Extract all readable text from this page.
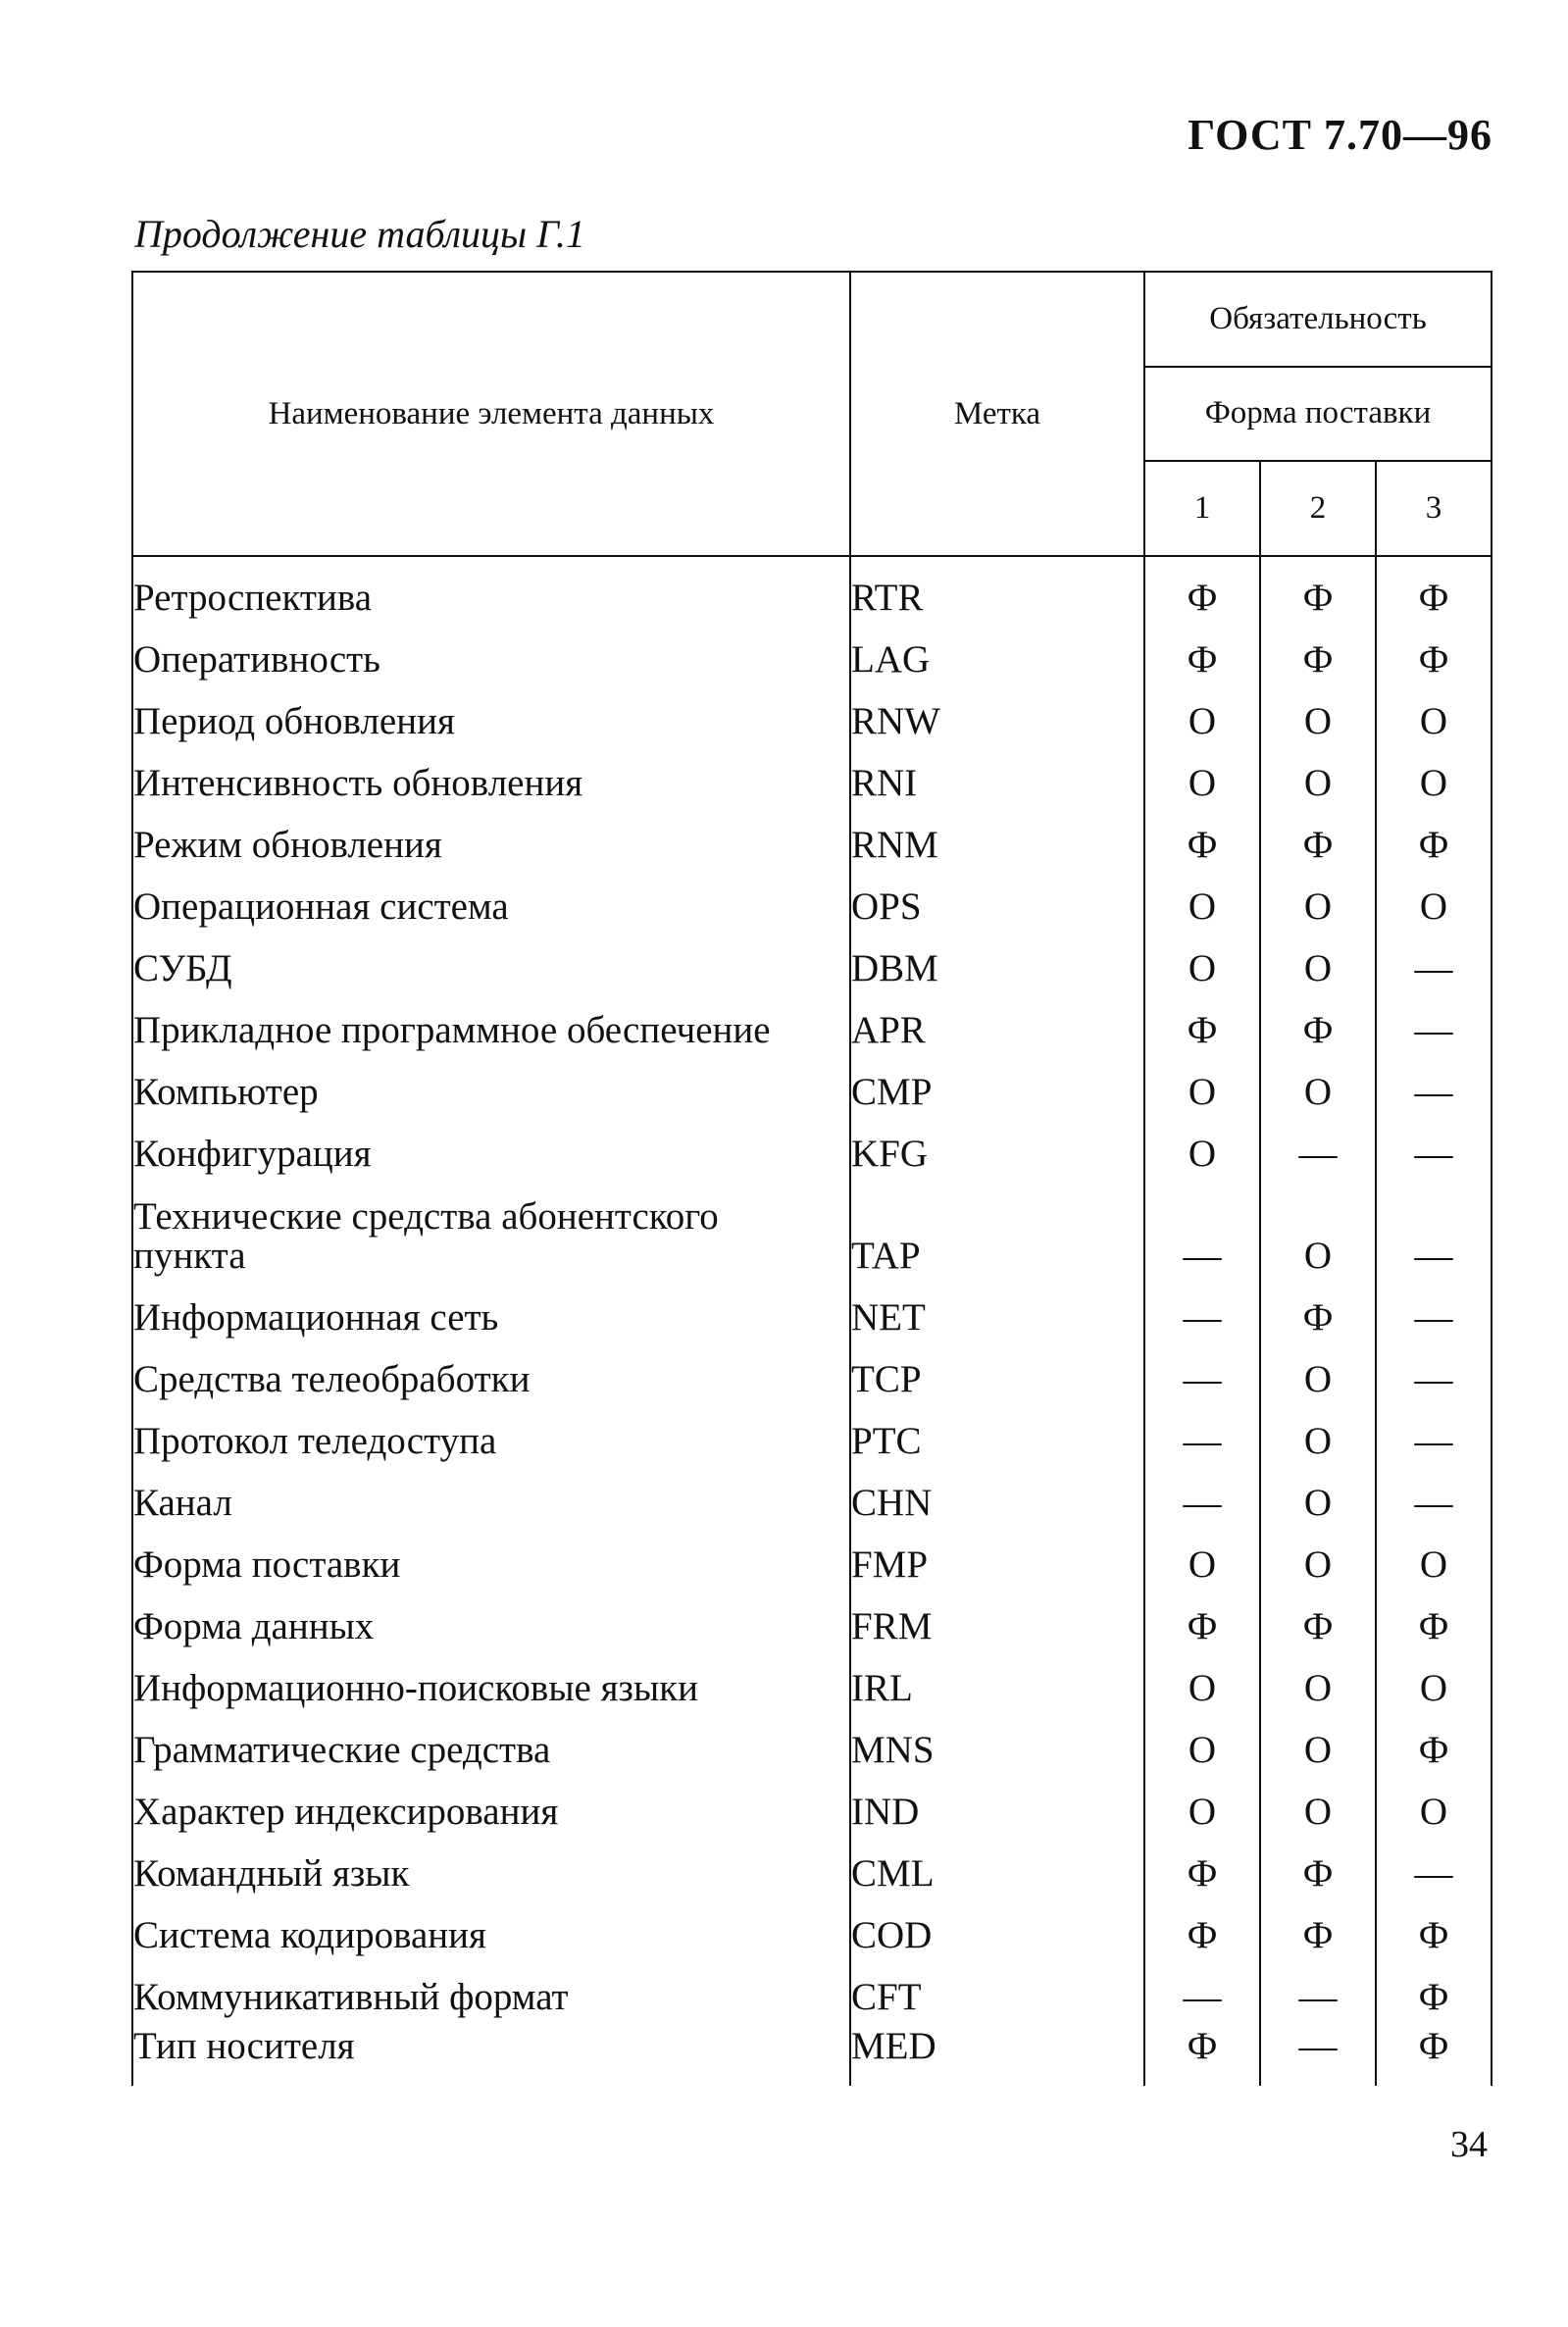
ГОСТ 7.70—96
Продолжение таблицы Г.1
Наименование элемента данных	Метка	Обязательность		
		Форма поставки		
		1	2	3
Ретроспектива	RTR	Ф	Ф	Ф
Оперативность	LAG	Ф	Ф	Ф
Период обновления	RNW	О	О	О
Интенсивность обновления	RNI	О	О	О
Режим обновления	RNM	Ф	Ф	Ф
Операционная система	OPS	О	О	О
СУБД	DBM	О	О	—
Прикладное программное обеспечение	APR	Ф	Ф	—
Компьютер	CMP	О	О	—
Конфигурация	KFG	О	—	—

Технические средства абонентского
пункта	TAP	—	О	—
Информационная сеть	NET	—	Ф	—
Средства телеобработки	TCP	—	О	—
Протокол теледоступа	PTC	—	О	—
Канал	CHN	—	О	—
Форма поставки	FMP	О	О	О
Форма данных	FRM	Ф	Ф	Ф
Информационно-поисковые языки	IRL	О	О	О
Грамматические средства	MNS	О	О	Ф
Характер индексирования	IND	О	О	О
Командный язык	CML	Ф	Ф	—
Система кодирования	COD	Ф	Ф	Ф
Коммуникативный формат	CFT	—	—	Ф
Тип носителя	MED	Ф	—	Ф
34
